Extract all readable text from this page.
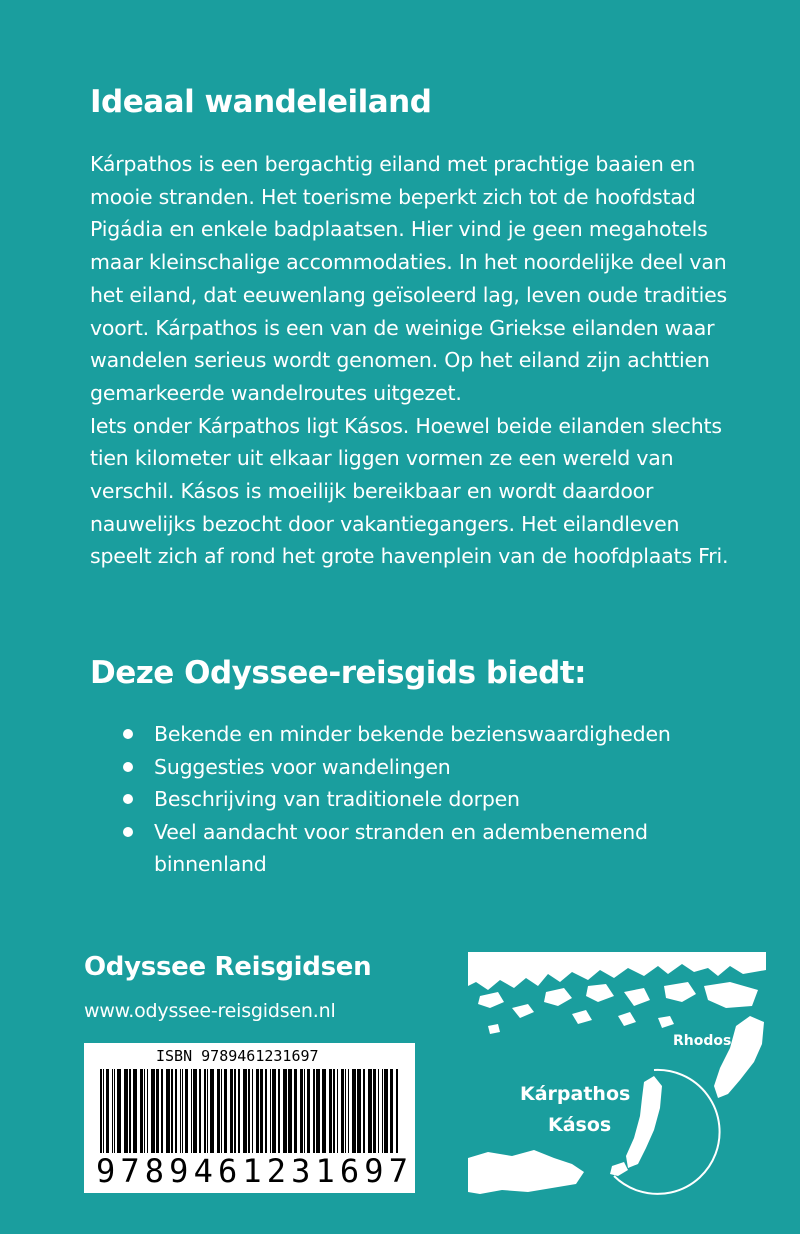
Ideaal wandeleiland

Kárpathos is een bergachtig eiland met prachtige baaien en mooie stranden. Het toerisme beperkt zich tot de hoofdstad Pigádia en enkele badplaatsen. Hier vind je geen megahotels maar kleinschalige accommodaties. In het noordelijke deel van het eiland, dat eeuwenlang geïsoleerd lag, leven oude tradities voort. Kárpathos is een van de weinige Griekse eilanden waar wandelen serieus wordt genomen. Op het eiland zijn achttien gemarkeerde wandelroutes uitgezet.

Iets onder Kárpathos ligt Kásos. Hoewel beide eilanden slechts tien kilometer uit elkaar liggen vormen ze een wereld van verschil. Kásos is moeilijk bereikbaar en wordt daardoor nauwelijks bezocht door vakantiegangers. Het eilandleven speelt zich af rond het grote havenplein van de hoofdplaats Fri.

Deze Odyssee-reisgids biedt:
Bekende en minder bekende bezienswaardigheden
Suggesties voor wandelingen
Beschrijving van traditionele dorpen
Veel aandacht voor stranden en adembenemend binnenland
Odyssee Reisgidsen
www.odyssee-reisgidsen.nl
ISBN 9789461231697
9 7 8 9 4 6 1 2 3 1 6 9 7
Rhodos
Kárpathos
Kásos
Kreta
